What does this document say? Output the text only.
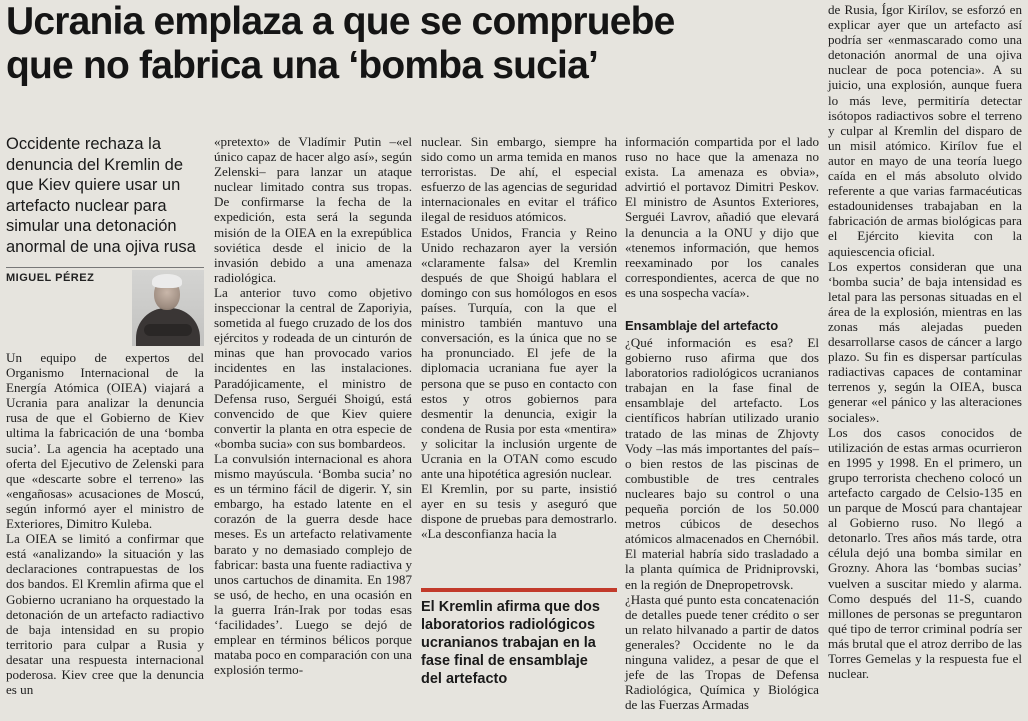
Ucrania emplaza a que se compruebe
que no fabrica una ‘bomba sucia’
Occidente rechaza la
denuncia del Kremlin de
que Kiev quiere usar un
artefacto nuclear para
simular una detonación
anormal de una ojiva rusa
MIGUEL PÉREZ

Un equipo de expertos del Organismo Internacional de la Energía Atómica (OIEA) viajará a Ucrania para analizar la denuncia rusa de que el Gobierno de Kiev ultima la fabricación de una ‘bomba sucia’. La agencia ha aceptado una oferta del Ejecutivo de Zelenski para que «descarte sobre el terreno» las «engañosas» acusaciones de Moscú, según informó ayer el ministro de Exteriores, Dimitro Kuleba.

La OIEA se limitó a confirmar que está «analizando» la situación y las declaraciones contrapuestas de los dos bandos. El Kremlin afirma que el Gobierno ucraniano ha orquestado la detonación de un artefacto radiactivo de baja intensidad en su propio territorio para culpar a Rusia y desatar una respuesta internacional poderosa. Kiev cree que la denuncia es un

«pretexto» de Vladímir Putin –«el único capaz de hacer algo así», según Zelenski– para lanzar un ataque nuclear limitado contra sus tropas. De confirmarse la fecha de la expedición, esta será la segunda misión de la OIEA en la exrepública soviética desde el inicio de la invasión debido a una amenaza radiológica.

La anterior tuvo como objetivo inspeccionar la central de Zaporiyia, sometida al fuego cruzado de los dos ejércitos y rodeada de un cinturón de minas que han provocado varios incidentes en las instalaciones. Paradójicamente, el ministro de Defensa ruso, Serguéi Shoigú, está convencido de que Kiev quiere convertir la planta en otra especie de «bomba sucia» con sus bombardeos.

La convulsión internacional es ahora mismo mayúscula. ‘Bomba sucia’ no es un término fácil de digerir. Y, sin embargo, ha estado latente en el corazón de la guerra desde hace meses. Es un artefacto relativamente barato y no demasiado complejo de fabricar: basta una fuente radiactiva y unos cartuchos de dinamita. En 1987 se usó, de hecho, en una ocasión en la guerra Irán-Irak por todas esas ‘facilidades’. Luego se dejó de emplear en términos bélicos porque mataba poco en comparación con una explosión termo-

nuclear. Sin embargo, siempre ha sido como un arma temida en manos terroristas. De ahí, el especial esfuerzo de las agencias de seguridad internacionales en evitar el tráfico ilegal de residuos atómicos.

Estados Unidos, Francia y Reino Unido rechazaron ayer la versión «claramente falsa» del Kremlin después de que Shoigú hablara el domingo con sus homólogos en esos países. Turquía, con la que el ministro también mantuvo una conversación, es la única que no se ha pronunciado. El jefe de la diplomacia ucraniana fue ayer la persona que se puso en contacto con estos y otros gobiernos para desmentir la denuncia, exigir la condena de Rusia por esta «mentira» y solicitar la inclusión urgente de Ucrania en la OTAN como escudo ante una hipotética agresión nuclear.

El Kremlin, por su parte, insistió ayer en su tesis y aseguró que dispone de pruebas para demostrarlo. «La desconfianza hacia la

El Kremlin afirma que dos
laboratorios radiológicos
ucranianos trabajan en la
fase final de ensamblaje
del artefacto

información compartida por el lado ruso no hace que la amenaza no exista. La amenaza es obvia», advirtió el portavoz Dimitri Peskov. El ministro de Asuntos Exteriores, Serguéi Lavrov, añadió que elevará la denuncia a la ONU y dijo que «tenemos información, que hemos reexaminado por los canales correspondientes, acerca de que no es una sospecha vacía».

Ensamblaje del artefacto

¿Qué información es esa? El gobierno ruso afirma que dos laboratorios radiológicos ucranianos trabajan en la fase final de ensamblaje del artefacto. Los científicos habrían utilizado uranio tratado de las minas de Zhjovty Vody –las más importantes del país– o bien restos de las piscinas de combustible de tres centrales nucleares bajo su control o una pequeña porción de los 50.000 metros cúbicos de desechos atómicos almacenados en Chernóbil. El material habría sido trasladado a la planta química de Pridniprovski, en la región de Dnepropetrovsk.

¿Hasta qué punto esta concatenación de detalles puede tener crédito o ser un relato hilvanado a partir de datos generales? Occidente no le da ninguna validez, a pesar de que el jefe de las Tropas de Defensa Radiológica, Química y Biológica de las Fuerzas Armadas

de Rusia, Ígor Kirílov, se esforzó en explicar ayer que un artefacto así podría ser «enmascarado como una detonación anormal de una ojiva nuclear de poca potencia». A su juicio, una explosión, aunque fuera lo más leve, permitiría detectar isótopos radiactivos sobre el terreno y culpar al Kremlin del disparo de un misil atómico. Kirílov fue el autor en mayo de una teoría luego caída en el más absoluto olvido referente a que varias farmacéuticas estadounidenses trabajaban en la fabricación de armas biológicas para el Ejército kievita con la aquiescencia oficial.

Los expertos consideran que una ‘bomba sucia’ de baja intensidad es letal para las personas situadas en el área de la explosión, mientras en las zonas más alejadas pueden desarrollarse casos de cáncer a largo plazo. Su fin es dispersar partículas radiactivas capaces de contaminar terrenos y, según la OIEA, busca generar «el pánico y las alteraciones sociales».

Los dos casos conocidos de utilización de estas armas ocurrieron en 1995 y 1998. En el primero, un grupo terrorista checheno colocó un artefacto cargado de Celsio-135 en un parque de Moscú para chantajear al Gobierno ruso. No llegó a detonarlo. Tres años más tarde, otra célula dejó una bomba similar en Grozny. Ahora las ‘bombas sucias’ vuelven a suscitar miedo y alarma. Como después del 11-S, cuando millones de personas se preguntaron qué tipo de terror criminal podría ser más brutal que el atroz derribo de las Torres Gemelas y la respuesta fue el nuclear.
